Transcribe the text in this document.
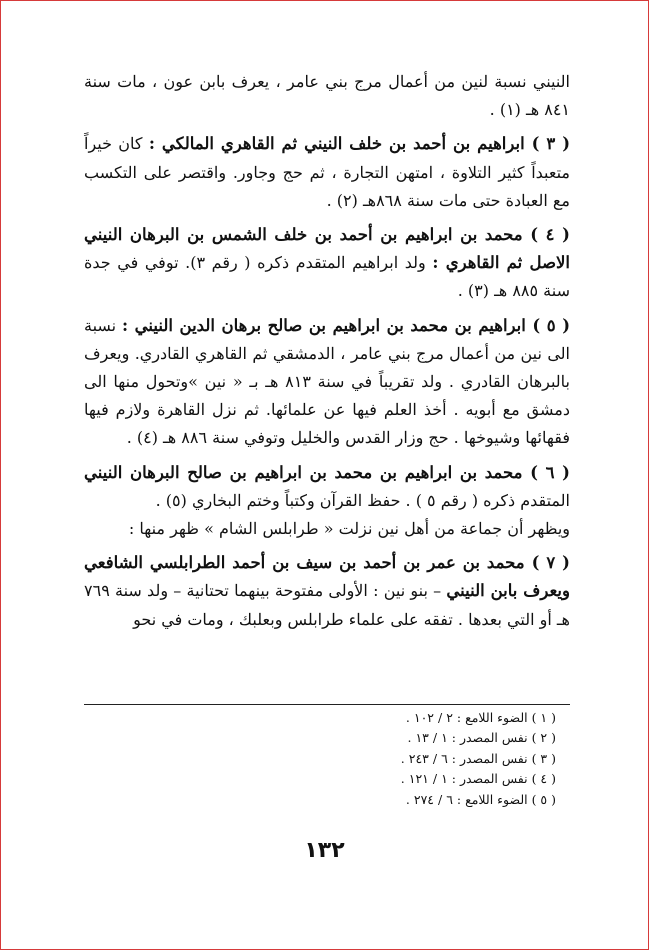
النيني نسبة لنين من أعمال مرج بني عامر ، يعرف بابن عون ، مات سنة ٨٤١ هـ (١) .

( ٣ ) ابراهيم بن أحمد بن خلف النيني ثم القاهري المالكي : كان خيراً متعبداً كثير التلاوة ، امتهن التجارة ، ثم حج وجاور. واقتصر على التكسب مع العبادة حتى مات سنة ٨٦٨هـ (٢) .

( ٤ ) محمد بن ابراهيم بن أحمد بن خلف الشمس بن البرهان النيني الاصل ثم القاهري : ولد ابراهيم المتقدم ذكره ( رقم ٣). توفي في جدة سنة ٨٨٥ هـ (٣) .

( ٥ ) ابراهيم بن محمد بن ابراهيم بن صالح برهان الدين النيني : نسبة الى نين من أعمال مرج بني عامر ، الدمشقي ثم القاهري القادري. ويعرف بالبرهان القادري . ولد تقريباً في سنة ٨١٣ هـ بـ « نين »وتحول منها الى دمشق مع أبويه . أخذ العلم فيها عن علمائها. ثم نزل القاهرة ولازم فيها فقهائها وشيوخها . حج وزار القدس والخليل وتوفي سنة ٨٨٦ هـ (٤) .

( ٦ ) محمد بن ابراهيم بن محمد بن ابراهيم بن صالح البرهان النيني المتقدم ذكره ( رقم ٥ ) . حفظ القرآن وكتباً وختم البخاري (٥) .

ويظهر أن جماعة من أهل نين نزلت « طرابلس الشام » ظهر منها :

( ٧ ) محمد بن عمر بن أحمد بن سيف بن أحمد الطرابلسي الشافعي ويعرف بابن النيني – بنو نين : الأولى مفتوحة بينهما تحتانية – ولد سنة ٧٦٩ هـ أو التي بعدها . تفقه على علماء طرابلس وبعلبك ، ومات في نحو

( ١ ) الضوء اللامع : ٢ / ١٠٢ .
( ٢ ) نفس المصدر : ١ / ١٣ .
( ٣ ) نفس المصدر : ٦ / ٢٤٣ .
( ٤ ) نفس المصدر : ١ / ١٢١ .
( ٥ ) الضوء اللامع : ٦ / ٢٧٤ .
١٣٢
